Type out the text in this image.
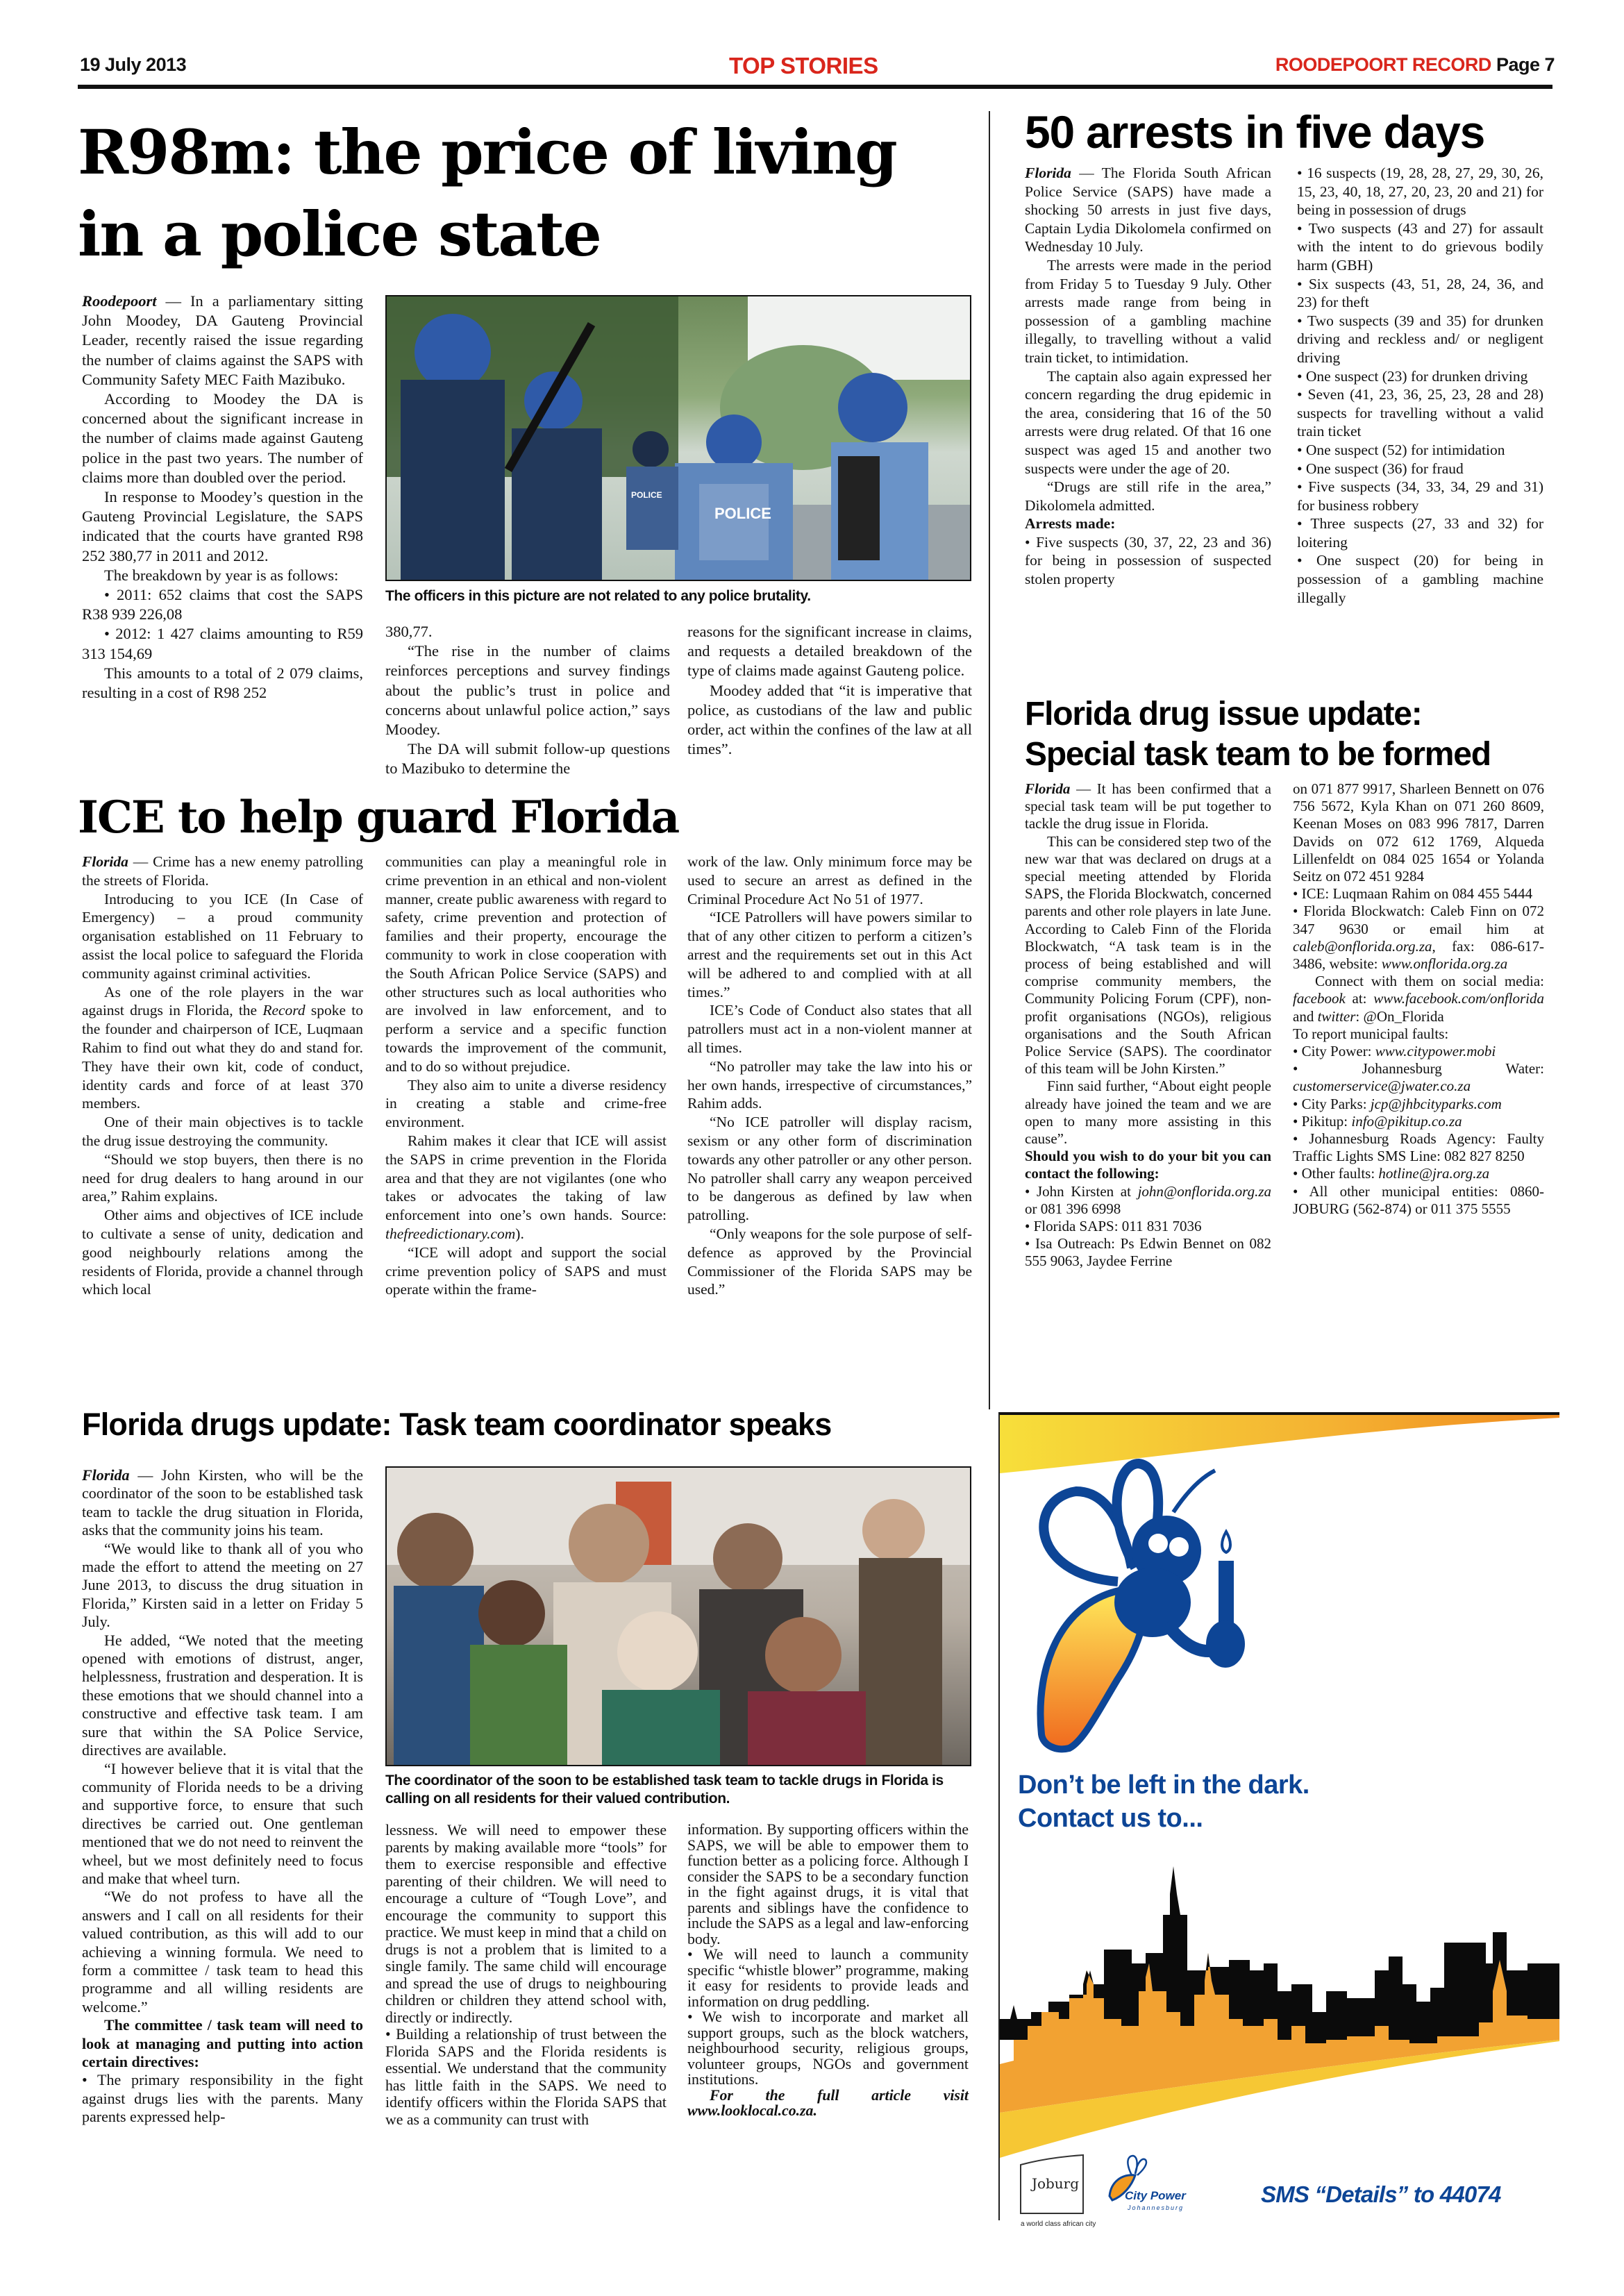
19 July 2013	TOP STORIES	ROODEPOORT RECORD Page 7
R98m: the price of living
in a police state

Roodepoort — In a parliamentary sitting John Moodey, DA Gauteng Provincial Leader, recently raised the issue regarding the number of claims against the SAPS with Community Safety MEC Faith Mazibuko.

According to Moodey the DA is concerned about the significant increase in the number of claims made against Gauteng police in the past two years. The number of claims more than doubled over the period.

In response to Moodey’s question in the Gauteng Provincial Legislature, the SAPS indicated that the courts have granted R98 252 380,77 in 2011 and 2012.

The breakdown by year is as follows:

• 2011: 652 claims that cost the SAPS R38 939 226,08

• 2012: 1 427 claims amounting to R59 313 154,69

This amounts to a total of 2 079 claims, resulting in a cost of R98 252

POLICE
POLICE
The officers in this picture are not related to any police brutality.

380,77.

“The rise in the number of claims reinforces perceptions and survey findings about the public’s trust in police and concerns about unlawful police action,” says Moodey.

The DA will submit follow-up questions to Mazibuko to determine the

reasons for the significant increase in claims, and requests a detailed breakdown of the type of claims made against Gauteng police.

Moodey added that “it is imperative that police, as custodians of the law and public order, act within the confines of the law at all times”.

50 arrests in five days

Florida — The Florida South African Police Service (SAPS) have made a shocking 50 arrests in just five days, Captain Lydia Dikolomela confirmed on Wednesday 10 July.

The arrests were made in the period from Friday 5 to Tuesday 9 July. Other arrests made range from being in possession of a gambling machine illegally, to travelling without a valid train ticket, to intimidation.

The captain also again expressed her concern regarding the drug epidemic in the area, considering that 16 of the 50 arrests were drug related. Of that 16 one suspect was aged 15 and another two suspects were under the age of 20.

“Drugs are still rife in the area,” Dikolomela admitted.

Arrests made:

• Five suspects (30, 37, 22, 23 and 36) for being in possession of suspected stolen property

• 16 suspects (19, 28, 28, 27, 29, 30, 26, 15, 23, 40, 18, 27, 20, 23, 20 and 21) for being in possession of drugs

• Two suspects (43 and 27) for assault with the intent to do grievous bodily harm (GBH)

• Six suspects (43, 51, 28, 24, 36, and 23) for theft

• Two suspects (39 and 35) for drunken driving and reckless and/ or negligent driving

• One suspect (23) for drunken driving

• Seven (41, 23, 36, 25, 23, 28 and 28) suspects for travelling without a valid train ticket

• One suspect (52) for intimidation

• One suspect (36) for fraud

• Five suspects (34, 33, 34, 29 and 31) for business robbery

• Three suspects (27, 33 and 32) for loitering

• One suspect (20) for being in possession of a gambling machine illegally

ICE to help guard Florida

Florida — Crime has a new enemy patrolling the streets of Florida.

Introducing to you ICE (In Case of Emergency) – a proud community organisation established on 11 February to assist the local police to safeguard the Florida community against criminal activities.

As one of the role players in the war against drugs in Florida, the Record spoke to the founder and chairperson of ICE, Luqmaan Rahim to find out what they do and stand for. They have their own kit, code of conduct, identity cards and force of at least 370 members.

One of their main objectives is to tackle the drug issue destroying the community.

“Should we stop buyers, then there is no need for drug dealers to hang around in our area,” Rahim explains.

Other aims and objectives of ICE include to cultivate a sense of unity, dedication and good neighbourly relations among the residents of Florida, provide a channel through which local

communities can play a meaningful role in crime prevention in an ethical and non-violent manner, create public awareness with regard to safety, crime prevention and protection of families and their property, encourage the community to work in close cooperation with the South African Police Service (SAPS) and other structures such as local authorities who are involved in law enforcement, and to perform a service and a specific function towards the improvement of the communit, and to do so without prejudice.

They also aim to unite a diverse residency in creating a stable and crime-free environment.

Rahim makes it clear that ICE will assist the SAPS in crime prevention in the Florida area and that they are not vigilantes (one who takes or advocates the taking of law enforcement into one’s own hands. Source: thefreedictionary.com).

“ICE will adopt and support the social crime prevention policy of SAPS and must operate within the frame-

work of the law. Only minimum force may be used to secure an arrest as defined in the Criminal Procedure Act No 51 of 1977.

“ICE Patrollers will have powers similar to that of any other citizen to perform a citizen’s arrest and the requirements set out in this Act will be adhered to and complied with at all times.”

ICE’s Code of Conduct also states that all patrollers must act in a non-violent manner at all times.

“No patroller may take the law into his or her own hands, irrespective of circumstances,” Rahim adds.

“No ICE patroller will display racism, sexism or any other form of discrimination towards any other patroller or any other person. No patroller shall carry any weapon perceived to be dangerous as defined by law when patrolling.

“Only weapons for the sole purpose of self-defence as approved by the Provincial Commissioner of the Florida SAPS may be used.”

Florida drug issue update:
Special task team to be formed

Florida — It has been confirmed that a special task team will be put together to tackle the drug issue in Florida.

This can be considered step two of the new war that was declared on drugs at a special meeting attended by Florida SAPS, the Florida Blockwatch, concerned parents and other role players in late June. According to Caleb Finn of the Florida Blockwatch, “A task team is in the process of being established and will comprise community members, the Community Policing Forum (CPF), non-profit organisations (NGOs), religious organisations and the South African Police Service (SAPS). The coordinator of this team will be John Kirsten.”

Finn said further, “About eight people already have joined the team and we are open to many more assisting in this cause”.

Should you wish to do your bit you can contact the following:

• John Kirsten at john@onflorida.org.za or 081 396 6998

• Florida SAPS: 011 831 7036

• Isa Outreach: Ps Edwin Bennet on 082 555 9063, Jaydee Ferrine

on 071 877 9917, Sharleen Bennett on 076 756 5672, Kyla Khan on 071 260 8609, Keenan Moses on 083 996 7817, Darren Davids on 072 612 1769, Alqueda Lillenfeldt on 084 025 1654 or Yolanda Seitz on 072 451 9284

• ICE: Luqmaan Rahim on 084 455 5444

• Florida Blockwatch: Caleb Finn on 072 347 9630 or email him at caleb@onflorida.org.za, fax: 086-617-3486, website: www.onflorida.org.za

Connect with them on social media: facebook at: www.facebook.com/onflorida and twitter: @On_Florida

To report municipal faults:

• City Power: www.citypower.mobi

• Johannesburg Water: customerservice@jwater.co.za

• City Parks: jcp@jhbcityparks.com

• Pikitup: info@pikitup.co.za

• Johannesburg Roads Agency: Faulty Traffic Lights SMS Line: 082 827 8250

• Other faults: hotline@jra.org.za

• All other municipal entities: 0860-JOBURG (562-874) or 011 375 5555

Florida drugs update: Task team coordinator speaks

Florida — John Kirsten, who will be the coordinator of the soon to be established task team to tackle the drug situation in Florida, asks that the community joins his team.

“We would like to thank all of you who made the effort to attend the meeting on 27 June 2013, to discuss the drug situation in Florida,” Kirsten said in a letter on Friday 5 July.

He added, “We noted that the meeting opened with emotions of distrust, anger, helplessness, frustration and desperation. It is these emotions that we should channel into a constructive and effective task team. I am sure that within the SA Police Service, directives are available.

“I however believe that it is vital that the community of Florida needs to be a driving and supportive force, to ensure that such directives be carried out. One gentleman mentioned that we do not need to reinvent the wheel, but we most definitely need to focus and make that wheel turn.

“We do not profess to have all the answers and I call on all residents for their valued contribution, as this will add to our achieving a winning formula. We need to form a committee / task team to head this programme and all willing residents are welcome.”

The committee / task team will need to look at managing and putting into action certain directives:

• The primary responsibility in the fight against drugs lies with the parents. Many parents expressed help-

The coordinator of the soon to be established task team to tackle drugs in Florida is calling on all residents for their valued contribution.

lessness. We will need to empower these parents by making available more “tools” for them to exercise responsible and effective parenting of their children. We will need to encourage a culture of “Tough Love”, and encourage the community to support this practice. We must keep in mind that a child on drugs is not a problem that is limited to a single family. The same child will encourage and spread the use of drugs to neighbouring children or children they attend school with, directly or indirectly.

• Building a relationship of trust between the Florida SAPS and the Florida residents is essential. We understand that the community has little faith in the SAPS. We need to identify officers within the Florida SAPS that we as a community can trust with

information. By supporting officers within the SAPS, we will be able to empower them to function better as a policing force. Although I consider the SAPS to be a secondary function in the fight against drugs, it is vital that parents and siblings have the confidence to include the SAPS as a legal and law-enforcing body.

• We will need to launch a community specific “whistle blower” programme, making it easy for residents to provide leads and information on drug peddling.

• We wish to incorporate and market all support groups, such as the block watchers, neighbourhood security, religious groups, volunteer groups, NGOs and government institutions.

For the full article visit www.looklocal.co.za.

Don’t be left in the dark.
Contact us to...
Joburg
a world class african city
City Power
Johannesburg
SMS “Details” to 44074
